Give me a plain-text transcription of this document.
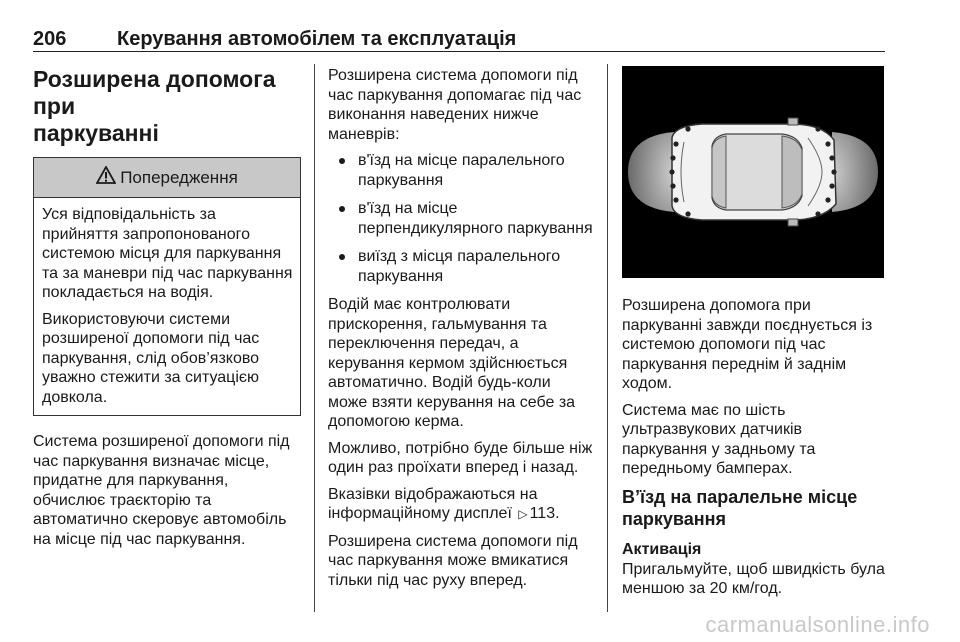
206	Керування автомобілем та експлуатація
Розширена допомога при
паркуванні
Попередження

Уся відповідальність за прийняття запропонованого системою місця для паркування та за маневри під час паркування покладається на водія.

Використовуючи системи розширеної допомоги під час паркування, слід обов’язково уважно стежити за ситуацією довкола.

Система розширеної допомоги під час паркування визначає місце, придатне для паркування, обчислює траєкторію та автоматично скеровує автомобіль на місце під час паркування.

Розширена система допомоги під час паркування допомагає під час виконання наведених нижче маневрів:

в'їзд на місце паралельного паркування
в'їзд на місце перпендикулярного паркування
виїзд з місця паралельного паркування

Водій має контролювати прискорення, гальмування та переключення передач, а керування кермом здійснюється автоматично. Водій будь-коли може взяти керування на себе за допомогою керма.

Можливо, потрібно буде більше ніж один раз проїхати вперед і назад.

Вказівки відображаються на інформаційному дисплеї ▷ 113.

Розширена система допомоги під час паркування може вмикатися тільки під час руху вперед.

Розширена допомога при паркуванні завжди поєднується із системою допомоги під час паркування переднім й заднім ходом.

Система має по шість ультразвукових датчиків паркування у задньому та передньому бамперах.

В’їзд на паралельне місце паркування
Активація

Пригальмуйте, щоб швидкість була меншою за 20 км/год.

carmanualsonline.info
